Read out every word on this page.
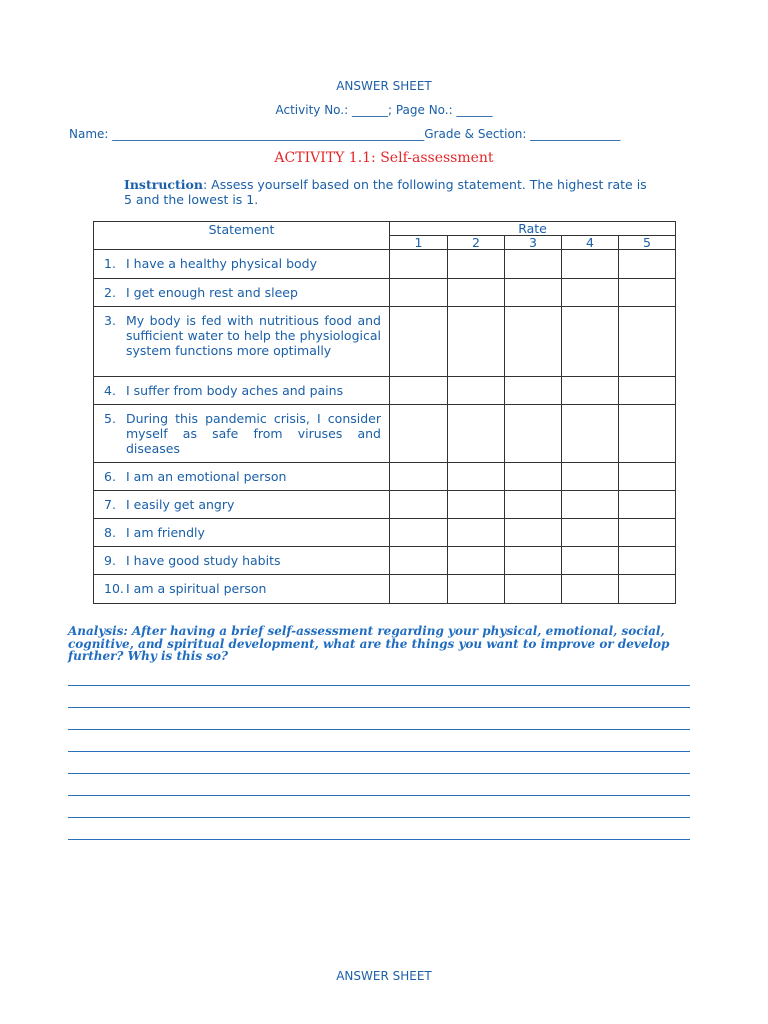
ANSWER SHEET
Activity No.: ______; Page No.: ______
Name: ____________________________________________________Grade & Section: _______________
ACTIVITY 1.1: Self-assessment
Instruction: Assess yourself based on the following statement. The highest rate is 5 and the lowest is 1.
Statement	Rate				
	1	2	3	4	5

1. I have a healthy physical body					

2. I get enough rest and sleep					

3. My body is fed with nutritious food and sufficient water to help the physiological system functions more optimally					

4. I suffer from body aches and pains					

5. During this pandemic crisis, I consider myself as safe from viruses and diseases					

6. I am an emotional person					

7. I easily get angry					

8. I am friendly					

9. I have good study habits					

10. I am a spiritual person					

Analysis: After having a brief self-assessment regarding your physical, emotional, social, cognitive, and spiritual development, what are the things you want to improve or develop further? Why is this so?
ANSWER SHEET
